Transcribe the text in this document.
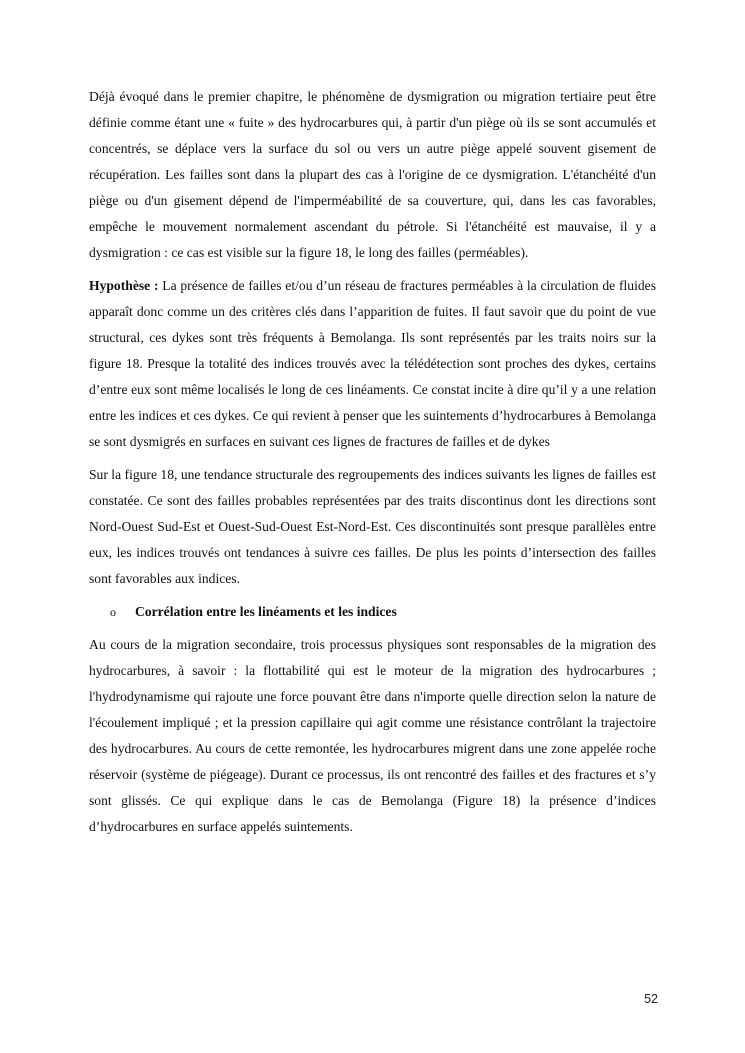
Déjà évoqué dans le premier chapitre, le phénomène de dysmigration ou migration tertiaire peut être définie comme étant une « fuite » des hydrocarbures qui, à partir d'un piège où ils se sont accumulés et concentrés, se déplace vers la surface du sol ou vers un autre piège appelé souvent gisement de récupération. Les failles sont dans la plupart des cas à l'origine de ce dysmigration. L'étanchéité d'un piège ou d'un gisement dépend de l'imperméabilité de sa couverture, qui, dans les cas favorables, empêche le mouvement normalement ascendant du pétrole. Si l'étanchéité est mauvaise, il y a dysmigration : ce cas est visible sur la figure 18, le long des failles (perméables).

Hypothèse : La présence de failles et/ou d’un réseau de fractures perméables à la circulation de fluides apparaît donc comme un des critères clés dans l’apparition de fuites. Il faut savoir que du point de vue structural, ces dykes sont très fréquents à Bemolanga. Ils sont représentés par les traits noirs sur la figure 18. Presque la totalité des indices trouvés avec la télédétection sont proches des dykes, certains d’entre eux sont même localisés le long de ces linéaments. Ce constat incite à dire qu’il y a une relation entre les indices et ces dykes. Ce qui revient à penser que les suintements d’hydrocarbures à Bemolanga se sont dysmigrés en surfaces en suivant ces lignes de fractures de failles et de dykes

Sur la figure 18, une tendance structurale des regroupements des indices suivants les lignes de failles est constatée. Ce sont des failles probables représentées par des traits discontinus dont les directions sont Nord-Ouest Sud-Est et Ouest-Sud-Ouest Est-Nord-Est. Ces discontinuités sont presque parallèles entre eux, les indices trouvés ont tendances à suivre ces failles. De plus les points d’intersection des failles sont favorables aux indices.

o	Corrélation entre les linéaments et les indices

Au cours de la migration secondaire, trois processus physiques sont responsables de la migration des hydrocarbures, à savoir : la flottabilité qui est le moteur de la migration des hydrocarbures ; l'hydrodynamisme qui rajoute une force pouvant être dans n'importe quelle direction selon la nature de l'écoulement impliqué ; et la pression capillaire qui agit comme une résistance contrôlant la trajectoire des hydrocarbures. Au cours de cette remontée, les hydrocarbures migrent dans une zone appelée roche réservoir (système de piégeage). Durant ce processus, ils ont rencontré des failles et des fractures et s’y sont glissés. Ce qui explique dans le cas de Bemolanga (Figure 18) la présence d’indices d’hydrocarbures en surface appelés suintements.

52
